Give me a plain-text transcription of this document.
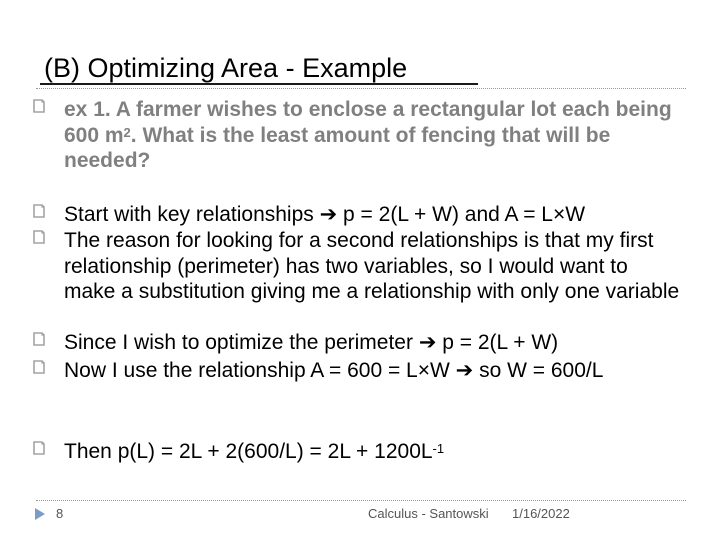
(B) Optimizing Area - Example
ex 1. A farmer wishes to enclose a rectangular lot each being 600 $m^2$. What is the least amount of fencing that will be needed?
Start with key relationships ➔ p = 2(L + W) and A = L×W
The reason for looking for a second relationships is that my first relationship (perimeter) has two variables, so I would want to make a substitution giving me a relationship with only one variable
Since I wish to optimize the perimeter ➔ p = 2(L + W)
Now I use the relationship A = 600 = L×W ➔ so W = 600/L
Then $p(L) = 2L + 2(600/L) = 2L + 1200L^{-1}$
8	Calculus - Santowski 1/16/2022
